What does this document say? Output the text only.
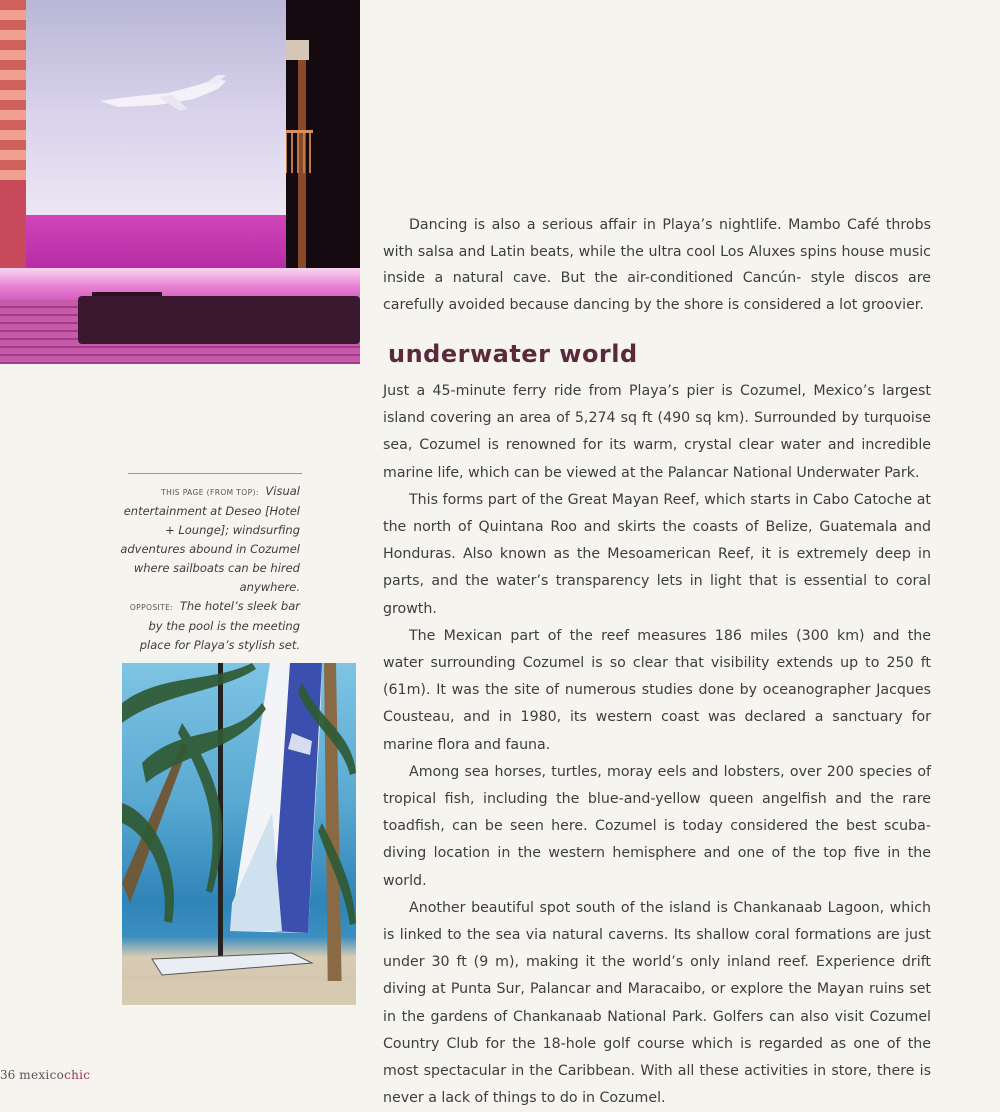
THIS PAGE (FROM TOP): Visual entertainment at Deseo [Hotel + Lounge]; windsurfing adventures abound in Cozumel where sailboats can be hired anywhere.
OPPOSITE: The hotel’s sleek bar by the pool is the meeting place for Playa’s stylish set.

Dancing is also a serious affair in Playa’s nightlife. Mambo Café throbs with salsa and Latin beats, while the ultra cool Los Aluxes spins house music inside a natural cave. But the air-conditioned Cancún- style discos are carefully avoided because dancing by the shore is considered a lot groovier.

underwater world

Just a 45-minute ferry ride from Playa’s pier is Cozumel, Mexico’s largest island covering an area of 5,274 sq ft (490 sq km). Surrounded by turquoise sea, Cozumel is renowned for its warm, crystal clear water and incredible marine life, which can be viewed at the Palancar National Underwater Park.

This forms part of the Great Mayan Reef, which starts in Cabo Catoche at the north of Quintana Roo and skirts the coasts of Belize, Guatemala and Honduras. Also known as the Mesoamerican Reef, it is extremely deep in parts, and the water’s transparency lets in light that is essential to coral growth.

The Mexican part of the reef measures 186 miles (300 km) and the water surrounding Cozumel is so clear that visibility extends up to 250 ft (61m). It was the site of numerous studies done by oceanographer Jacques Cousteau, and in 1980, its western coast was declared a sanctuary for marine flora and fauna.

Among sea horses, turtles, moray eels and lobsters, over 200 species of tropical fish, including the blue-and-yellow queen angelfish and the rare toadfish, can be seen here. Cozumel is today considered the best scuba-diving location in the western hemisphere and one of the top five in the world.

Another beautiful spot south of the island is Chankanaab Lagoon, which is linked to the sea via natural caverns. Its shallow coral formations are just under 30 ft (9 m), making it the world’s only inland reef. Experience drift diving at Punta Sur, Palancar and Maracaibo, or explore the Mayan ruins set in the gardens of Chankanaab National Park. Golfers can also visit Cozumel Country Club for the 18-hole golf course which is regarded as one of the most spectacular in the Caribbean. With all these activities in store, there is never a lack of things to do in Cozumel.

36 mexicochic
